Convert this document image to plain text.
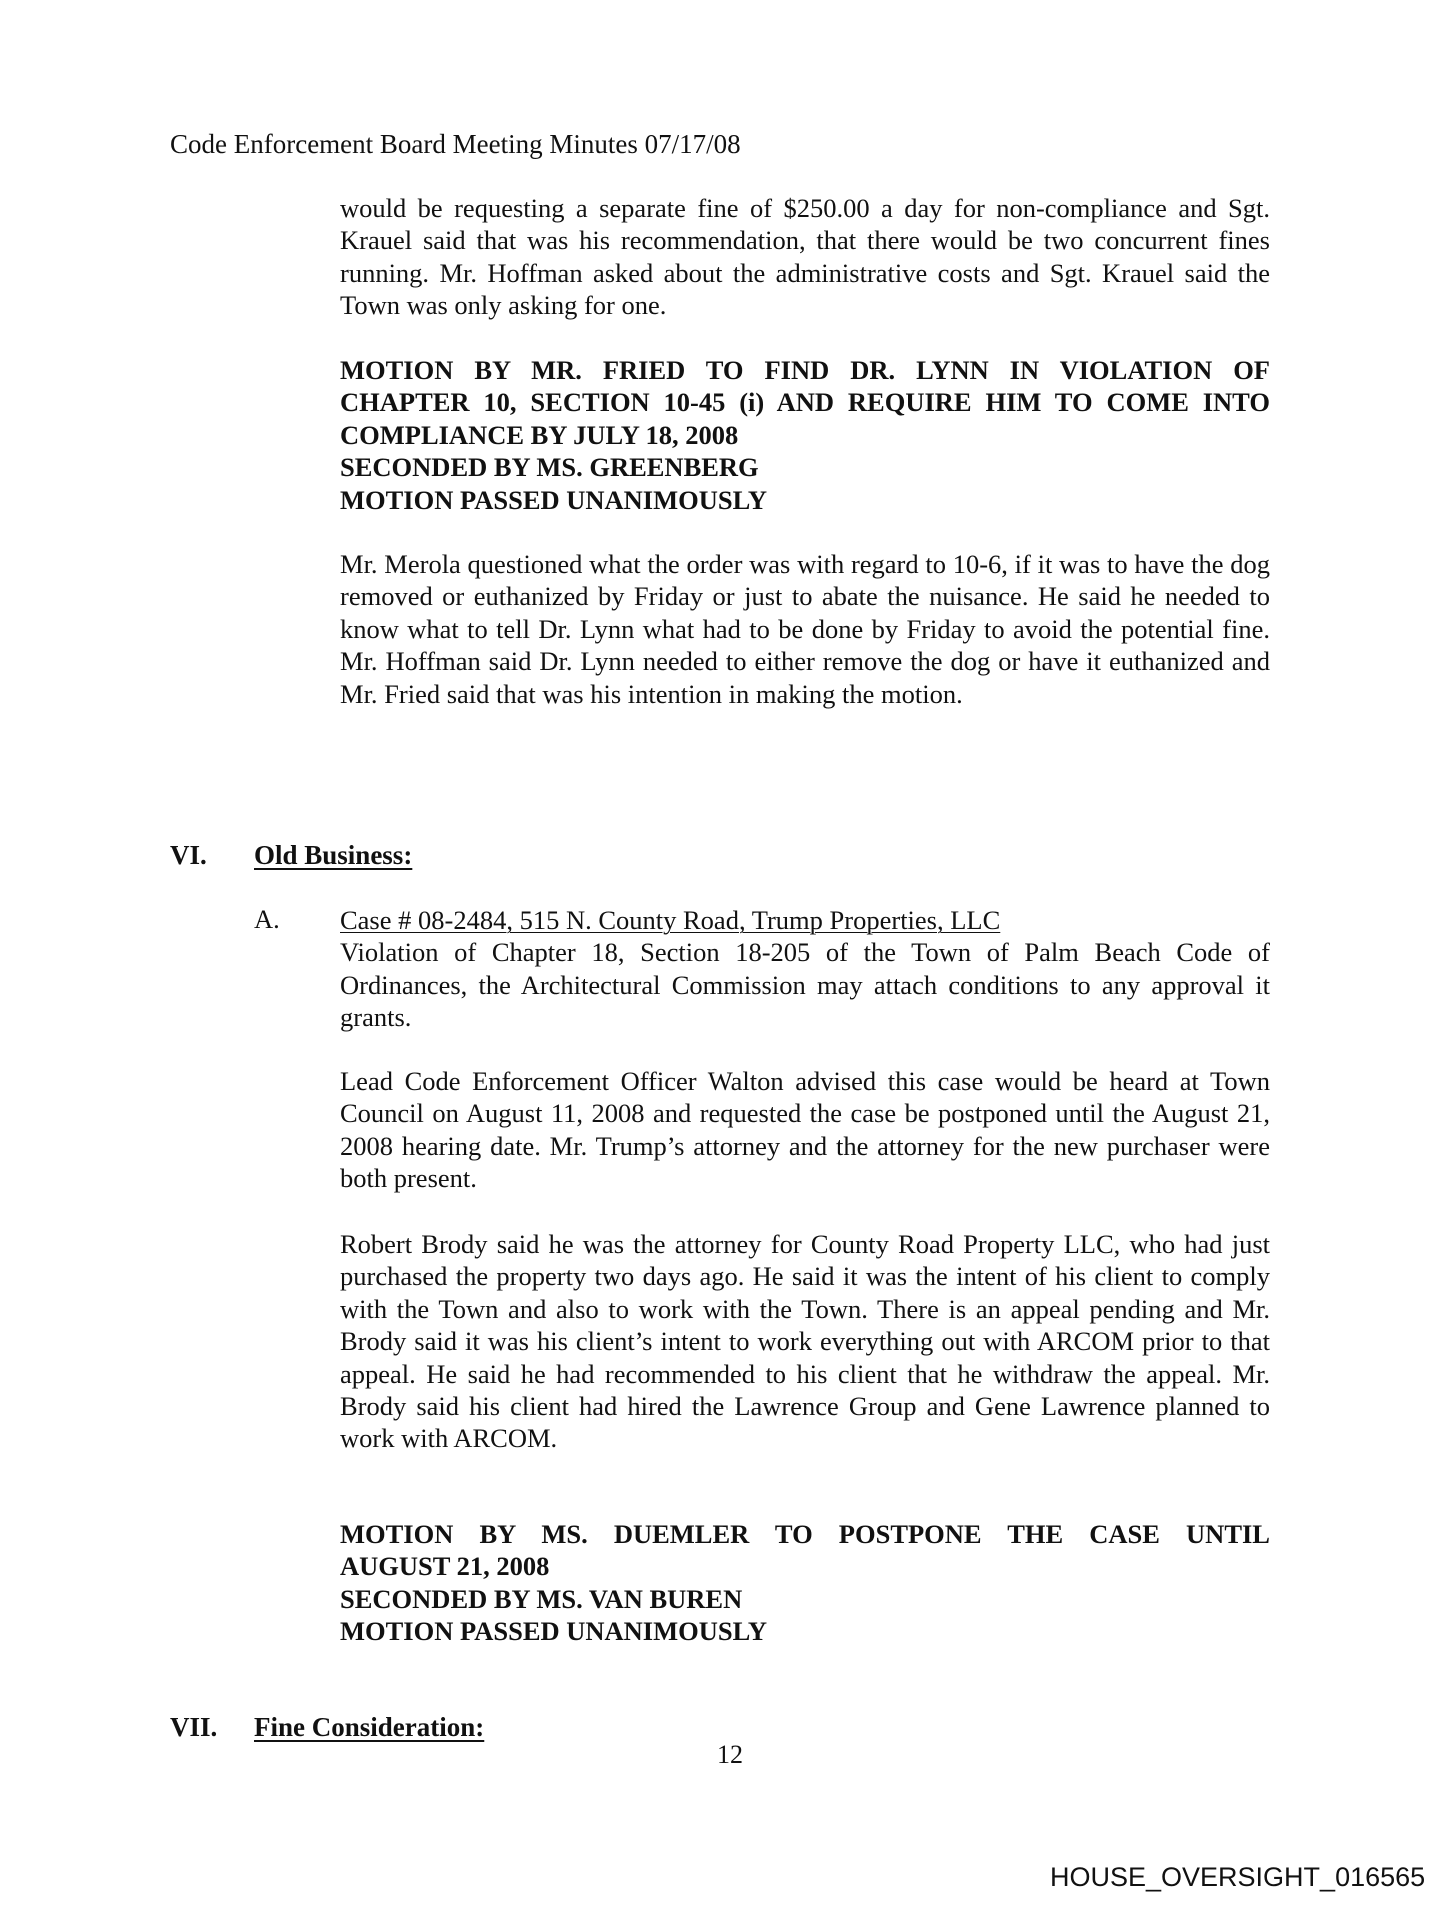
Code Enforcement Board Meeting Minutes 07/17/08
would be requesting a separate fine of $250.00 a day for non-compliance and Sgt. Krauel said that was his recommendation, that there would be two concurrent fines running. Mr. Hoffman asked about the administrative costs and Sgt. Krauel said the Town was only asking for one.
MOTION BY MR. FRIED TO FIND DR. LYNN IN VIOLATION OF
CHAPTER 10, SECTION 10-45 (i) AND REQUIRE HIM TO COME INTO
COMPLIANCE BY JULY 18, 2008
SECONDED BY MS. GREENBERG
MOTION PASSED UNANIMOUSLY
Mr. Merola questioned what the order was with regard to 10-6, if it was to have the dog removed or euthanized by Friday or just to abate the nuisance. He said he needed to know what to tell Dr. Lynn what had to be done by Friday to avoid the potential fine. Mr. Hoffman said Dr. Lynn needed to either remove the dog or have it euthanized and Mr. Fried said that was his intention in making the motion.
VI. Old Business:
A. Case # 08-2484, 515 N. County Road, Trump Properties, LLC
Violation of Chapter 18, Section 18-205 of the Town of Palm Beach Code of Ordinances, the Architectural Commission may attach conditions to any approval it grants.
Lead Code Enforcement Officer Walton advised this case would be heard at Town Council on August 11, 2008 and requested the case be postponed until the August 21, 2008 hearing date. Mr. Trump’s attorney and the attorney for the new purchaser were both present.
Robert Brody said he was the attorney for County Road Property LLC, who had just purchased the property two days ago. He said it was the intent of his client to comply with the Town and also to work with the Town. There is an appeal pending and Mr. Brody said it was his client’s intent to work everything out with ARCOM prior to that appeal. He said he had recommended to his client that he withdraw the appeal. Mr. Brody said his client had hired the Lawrence Group and Gene Lawrence planned to work with ARCOM.
MOTION BY MS. DUEMLER TO POSTPONE THE CASE UNTIL
AUGUST 21, 2008
SECONDED BY MS. VAN BUREN
MOTION PASSED UNANIMOUSLY
VII. Fine Consideration:
12
HOUSE_OVERSIGHT_016565
